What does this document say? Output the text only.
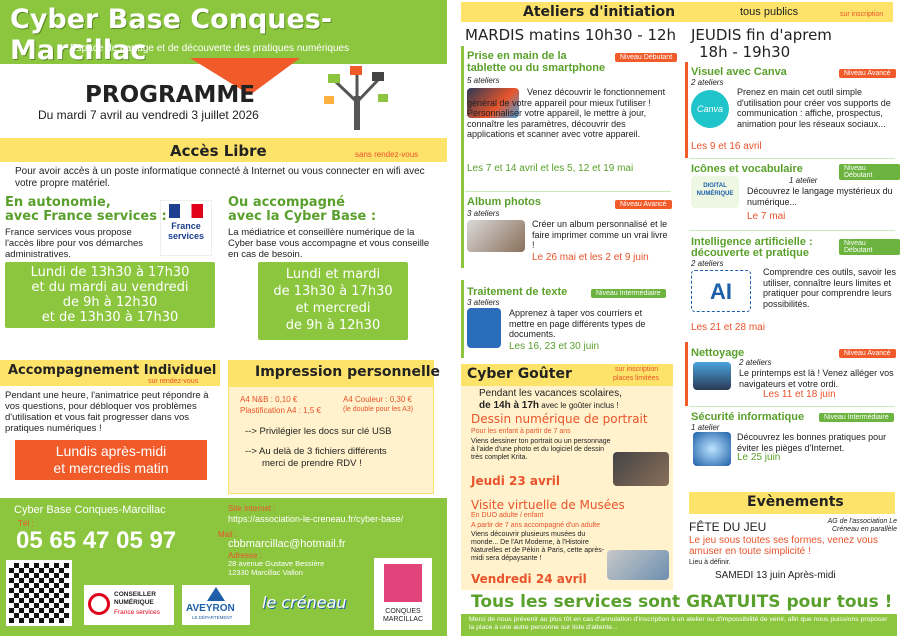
Cyber Base Conques-Marcillac
Espace de partage et de découverte des pratiques numériques
PROGRAMME
Du mardi 7 avril au vendredi 3 juillet 2026
Accès Libre	sans rendez-vous
Pour avoir accès à un poste informatique connecté à Internet ou vous connecter en wifi avec votre propre matériel.
En autonomie,
avec France services :
France services vous propose l'accès libre pour vos démarches administratives.
France services
Lundi de 13h30 à 17h30
et du mardi au vendredi
de 9h à 12h30
et de 13h30 à 17h30
Ou accompagné
avec la Cyber Base :
La médiatrice et conseillère numérique de la Cyber base vous accompagne et vous conseille en cas de besoin.
Lundi et mardi
de 13h30 à 17h30
et mercredi
de 9h à 12h30
Accompagnement Individuel
sur rendez-vous
Pendant une heure, l'animatrice peut répondre à vos questions, pour débloquer vos problèmes d'utilisation et vous fait progresser dans vos pratiques numériques !
Lundis après-midi
et mercredis matin
Impression personnelle
A4 N&B : 0,10 €	A4 Couleur : 0,30 €
Plastification A4 : 1,5 €	(le double pour les A3)
--> Privilégier les docs sur clé USB
--> Au delà de 3 fichiers différents
merci de prendre RDV !
Cyber Base Conques-Marcillac
Tél :
05 65 47 05 97
Site Internet :
https://association-le-creneau.fr/cyber-base/
Mail :
cbbmarcillac@hotmail.fr
Adresse :
28 avenue Gustave Bessière
12330 Marcillac Vallon
CONSEILLER NUMÉRIQUE
France services	AVEYRON
LE DÉPARTEMENT
le créneau	CONQUES MARCILLAC
Ateliers d'initiation	tous publics	sur inscription
MARDIS matins 10h30 - 12h
Prise en main de la
tablette ou du smartphone
Niveau Débutant
5 ateliers
Venez découvrir le fonctionnement général de votre appareil pour mieux l'utiliser ! Personnaliser votre appareil, le mettre à jour, connaître les paramètres, découvrir des applications et scanner avec votre appareil.
Les 7 et 14 avril et les 5, 12 et 19 mai
Album photos	Niveau Avancé
3 ateliers
Créer un album personnalisé et le faire imprimer comme un vrai livre !
Le 26 mai et les 2 et 9 juin
Traitement de texte	Niveau Intermédiaire
3 ateliers
Apprenez à taper vos courriers et mettre en page différents types de documents.
Les 16, 23 et 30 juin
JEUDIS fin d'aprem
18h - 19h30
Visuel avec Canva	Niveau Avancé
2 ateliers
Canva
Prenez en main cet outil simple d'utilisation pour créer vos supports de communication : affiche, prospectus, animation pour les réseaux sociaux...
Les 9 et 16 avril
Icônes et vocabulaire	Niveau Débutant
1 atelier
DIGITAL NUMÉRIQUE	Découvrez le langage mystérieux du numérique...
Le 7 mai
Intelligence artificielle :
découverte et pratique
Niveau Débutant
2 ateliers
AI
Comprendre ces outils, savoir les utiliser, connaître leurs limites et pratiquer pour comprendre leurs possibilités.
Les 21 et 28 mai
Nettoyage	Niveau Avancé
2 ateliers
Le printemps est là ! Venez alléger vos navigateurs et votre ordi.
Les 11 et 18 juin
Sécurité informatique	Niveau Intermédiaire
1 atelier
Découvrez les bonnes pratiques pour éviter les pièges d'Internet.
Le 25 juin
Cyber Goûter	sur inscription
places limitées
Pendant les vacances scolaires,
de 14h à 17h avec le goûter inclus !
Dessin numérique de portrait
Pour les enfant à partir de 7 ans
Viens dessiner ton portrait ou un personnage à l'aide d'une photo et du logiciel de dessin très complet Krita.
Jeudi 23 avril
Visite virtuelle de Musées
En DUO adulte / enfant
A partir de 7 ans accompagné d'un adulte
Viens découvrir plusieurs musées du monde... De l'Art Moderne, à l'Histoire Naturelles et de Pékin à Paris, cette après-midi sera dépaysante !
Vendredi 24 avril
Evènements
FÊTE DU JEU	AG de l'association Le Créneau en parallèle
Le jeu sous toutes ses formes, venez vous amuser en toute simplicité !
Lieu à définir.
SAMEDI 13 juin Après-midi
Tous les services sont GRATUITS pour tous !
Merci de nous prévenir au plus tôt en cas d'annulation d'inscription à un atelier ou d'impossibilité de venir, afin que nous puissions proposer la place à une autre personne sur liste d'attente...
